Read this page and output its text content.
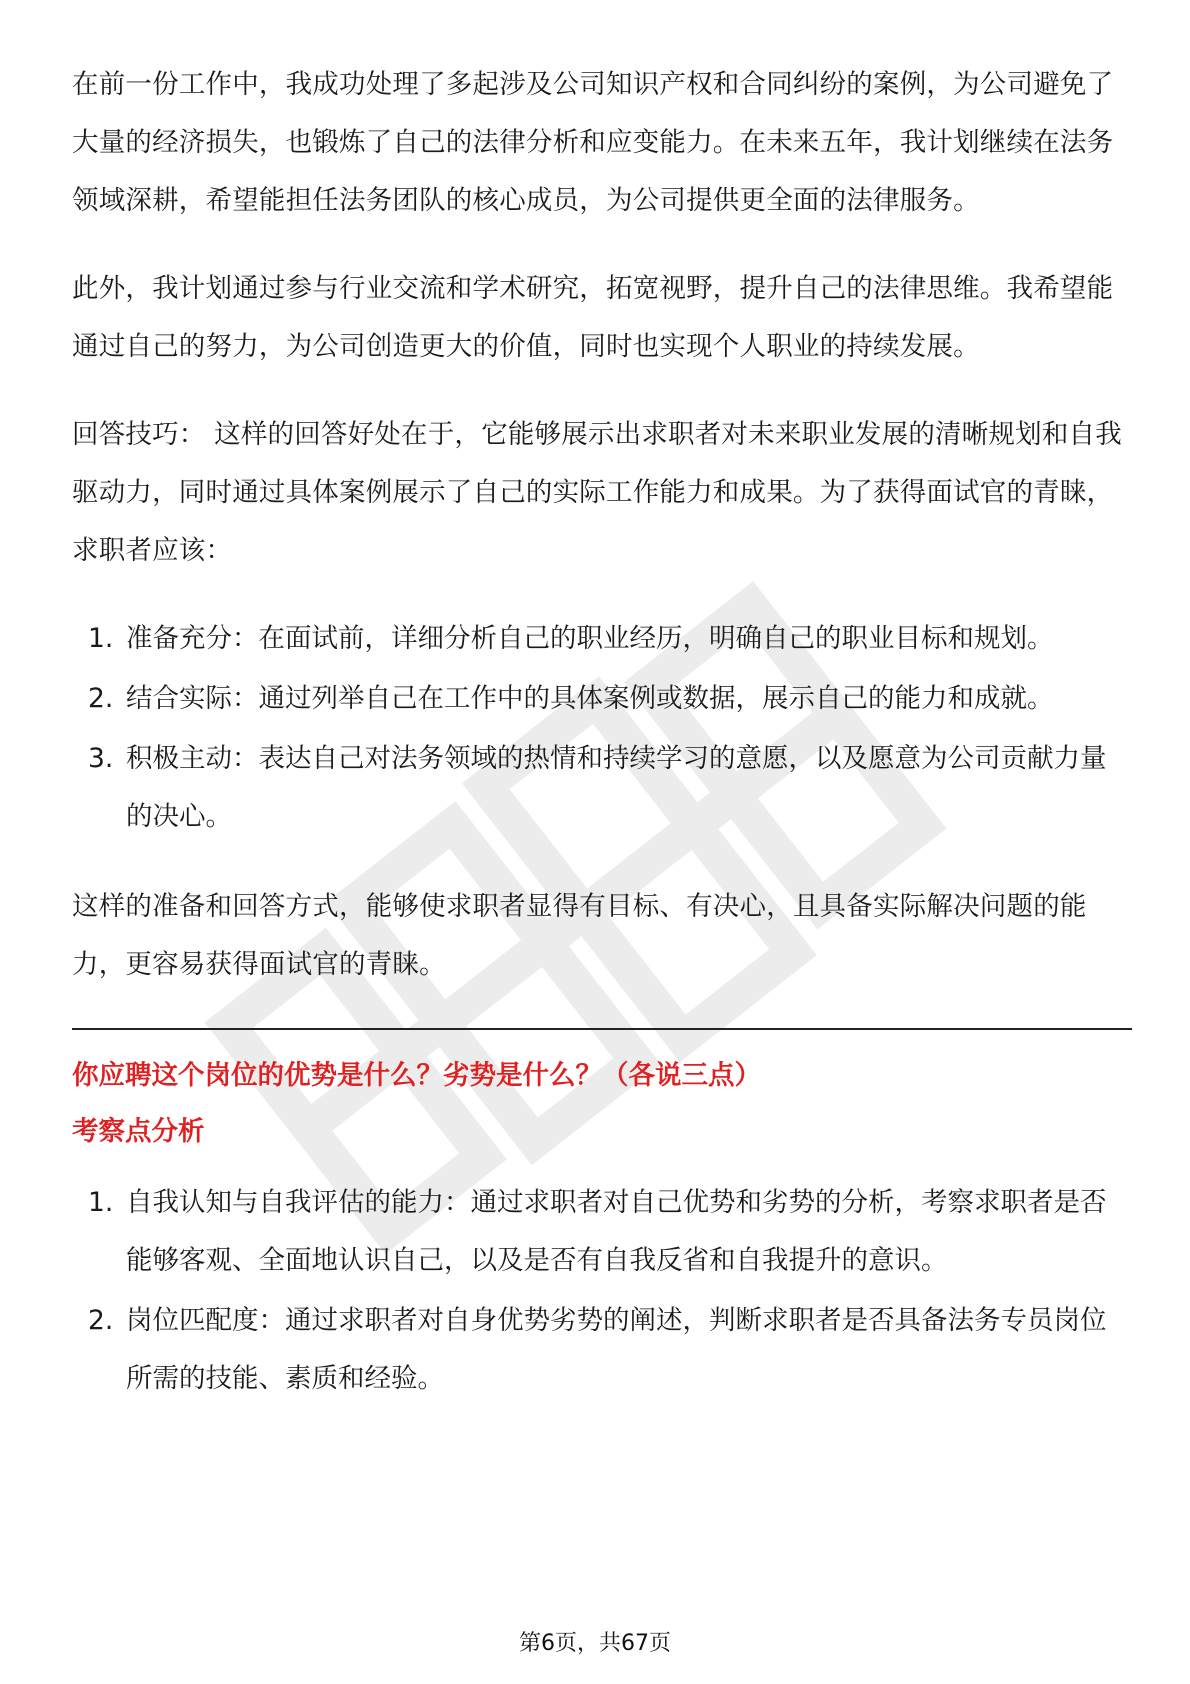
在前一份工作中，我成功处理了多起涉及公司知识产权和合同纠纷的案例，为公司避免了大量的经济损失，也锻炼了自己的法律分析和应变能力。在未来五年，我计划继续在法务领域深耕，希望能担任法务团队的核心成员，为公司提供更全面的法律服务。

此外，我计划通过参与行业交流和学术研究，拓宽视野，提升自己的法律思维。我希望能通过自己的努力，为公司创造更大的价值，同时也实现个人职业的持续发展。

回答技巧： 这样的回答好处在于，它能够展示出求职者对未来职业发展的清晰规划和自我驱动力，同时通过具体案例展示了自己的实际工作能力和成果。为了获得面试官的青睐，求职者应该：

1. 准备充分：在面试前，详细分析自己的职业经历，明确自己的职业目标和规划。
2. 结合实际：通过列举自己在工作中的具体案例或数据，展示自己的能力和成就。
3. 积极主动：表达自己对法务领域的热情和持续学习的意愿，以及愿意为公司贡献力量的决心。

这样的准备和回答方式，能够使求职者显得有目标、有决心，且具备实际解决问题的能力，更容易获得面试官的青睐。

你应聘这个岗位的优势是什么？劣势是什么？（各说三点）

考察点分析

1. 自我认知与自我评估的能力：通过求职者对自己优势和劣势的分析，考察求职者是否能够客观、全面地认识自己，以及是否有自我反省和自我提升的意识。
2. 岗位匹配度：通过求职者对自身优势劣势的阐述，判断求职者是否具备法务专员岗位所需的技能、素质和经验。
第6页，共67页
